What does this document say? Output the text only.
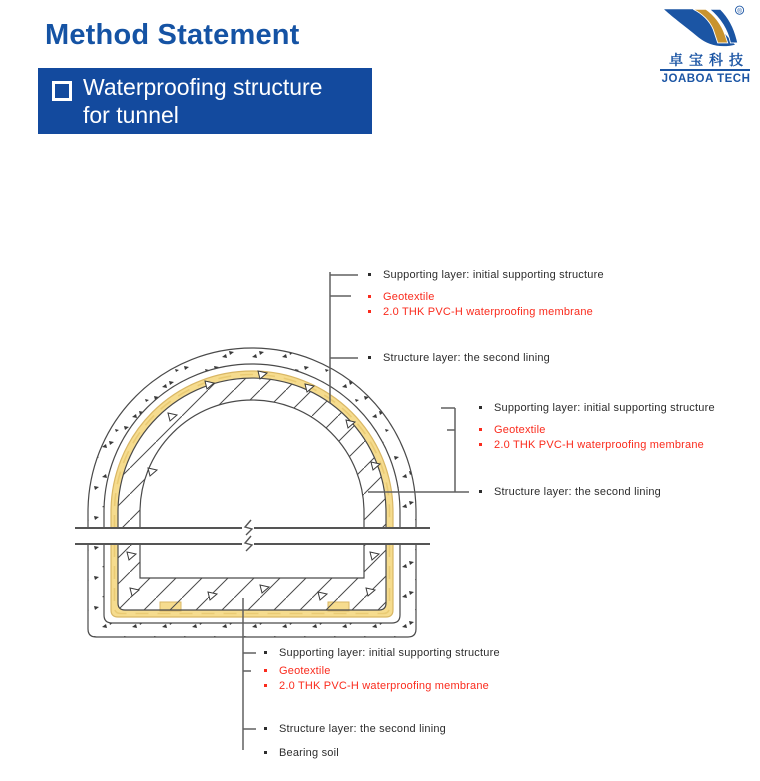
Method Statement
Waterproofing structure
for tunnel
®
卓宝科技
JOABOA TECH
Supporting layer: initial supporting structure
Geotextile
2.0 THK PVC-H waterproofing membrane
Structure layer: the second lining
Supporting layer: initial supporting structure
Geotextile
2.0 THK PVC-H waterproofing membrane
Structure layer: the second lining
Supporting layer: initial supporting structure
Geotextile
2.0 THK PVC-H waterproofing membrane
Structure layer: the second lining
Bearing soil
